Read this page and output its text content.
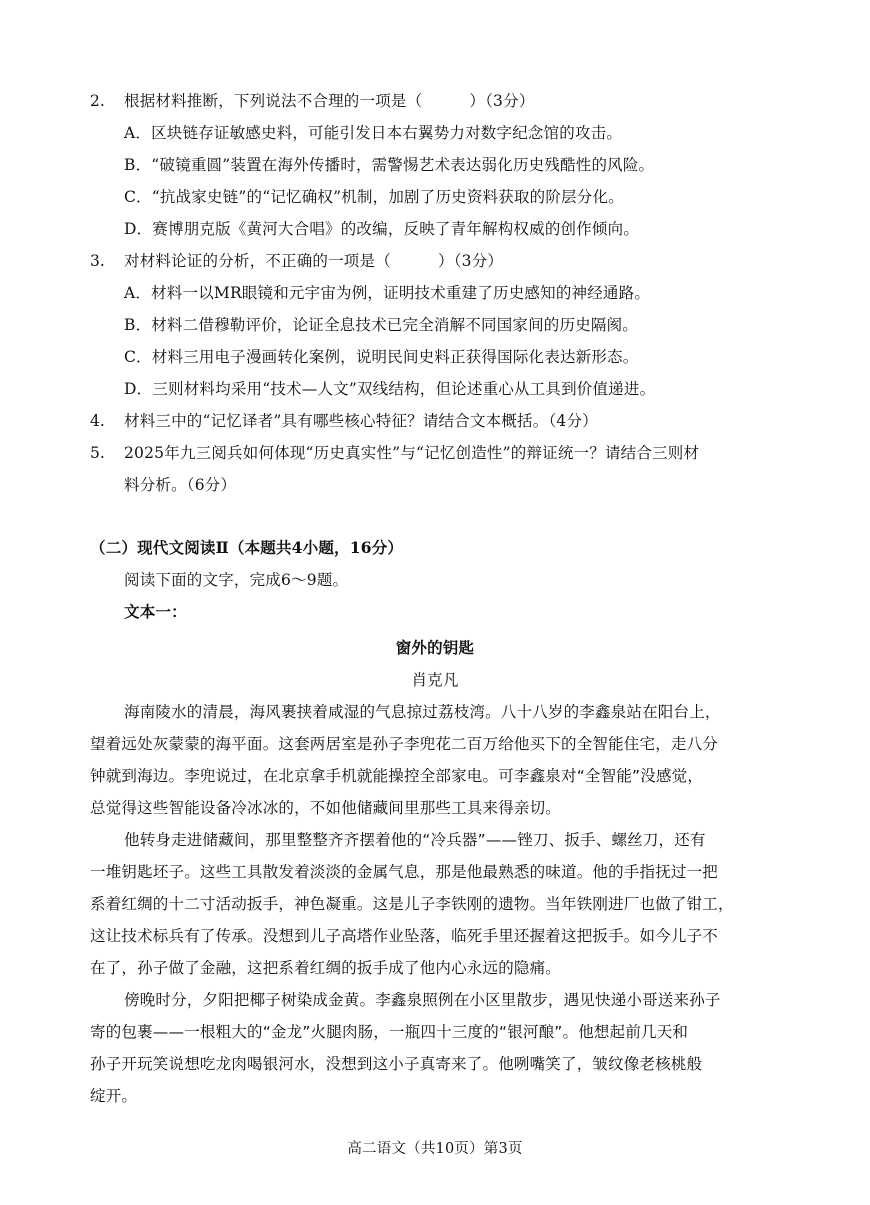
2. 根据材料推断，下列说法不合理的一项是（　　　）（3分）
A．区块链存证敏感史料，可能引发日本右翼势力对数字纪念馆的攻击。
B．“破镜重圆”装置在海外传播时，需警惕艺术表达弱化历史残酷性的风险。
C．“抗战家史链”的“记忆确权”机制，加剧了历史资料获取的阶层分化。
D．赛博朋克版《黄河大合唱》的改编，反映了青年解构权威的创作倾向。
3. 对材料论证的分析，不正确的一项是（　　　）（3分）
A．材料一以MR眼镜和元宇宙为例，证明技术重建了历史感知的神经通路。
B．材料二借穆勒评价，论证全息技术已完全消解不同国家间的历史隔阂。
C．材料三用电子漫画转化案例，说明民间史料正获得国际化表达新形态。
D．三则材料均采用“技术—人文”双线结构，但论述重心从工具到价值递进。
4. 材料三中的“记忆译者”具有哪些核心特征？请结合文本概括。（4分）
5. 2025年九三阅兵如何体现“历史真实性”与“记忆创造性”的辩证统一？请结合三则材
料分析。（6分）
（二）现代文阅读Ⅱ（本题共4小题，16分）
阅读下面的文字，完成6～9题。
文本一：
窗外的钥匙
肖克凡
海南陵水的清晨，海风裹挟着咸湿的气息掠过荔枝湾。八十八岁的李鑫泉站在阳台上，
望着远处灰蒙蒙的海平面。这套两居室是孙子李兜花二百万给他买下的全智能住宅，走八分
钟就到海边。李兜说过，在北京拿手机就能操控全部家电。可李鑫泉对“全智能”没感觉，
总觉得这些智能设备冷冰冰的，不如他储藏间里那些工具来得亲切。
他转身走进储藏间，那里整整齐齐摆着他的“冷兵器”——锉刀、扳手、螺丝刀，还有
一堆钥匙坯子。这些工具散发着淡淡的金属气息，那是他最熟悉的味道。他的手指抚过一把
系着红绸的十二寸活动扳手，神色凝重。这是儿子李铁刚的遗物。当年铁刚进厂也做了钳工，
这让技术标兵有了传承。没想到儿子高塔作业坠落，临死手里还握着这把扳手。如今儿子不
在了，孙子做了金融，这把系着红绸的扳手成了他内心永远的隐痛。
傍晚时分，夕阳把椰子树染成金黄。李鑫泉照例在小区里散步，遇见快递小哥送来孙子
寄的包裹——一根粗大的“金龙”火腿肉肠，一瓶四十三度的“银河酿”。他想起前几天和
孙子开玩笑说想吃龙肉喝银河水，没想到这小子真寄来了。他咧嘴笑了，皱纹像老核桃般
绽开。
高二语文（共10页）第3页
